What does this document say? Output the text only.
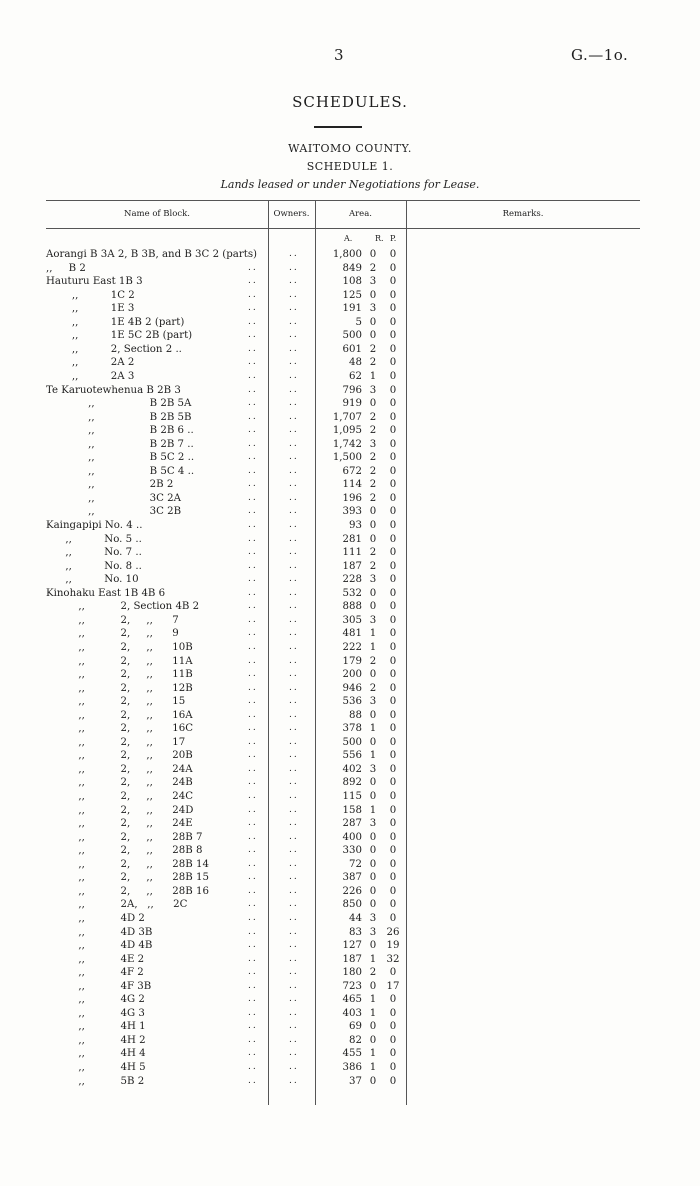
3	G.—1o.
SCHEDULES.
WAITOMO COUNTY.
SCHEDULE 1.
Lands leased or under Negotiations for Lease.
Name of Block.	Owners.	Area.	Remarks.
A.	R. P.
Aorangi B 3A 2, B 3B, and B 3C 2 (parts)	..	1,800 0	0
,,     B 2	..	..	849 2	0
Hauturu East 1B 3	..	..	108 3	0
,,          1C 2	..	..	125 0	0
,,          1E 3	..	..	191 3	0
,,          1E 4B 2 (part)	..	..	5 0	0
,,          1E 5C 2B (part)	..	..	500 0	0
,,          2, Section 2 ..	..	..	601 2	0
,,          2A 2	..	..	48 2	0
,,          2A 3	..	..	62 1	0
Te Karuotewhenua B 2B 3	..	..	796 3	0
,,                 B 2B 5A	..	..	919 0	0
,,                 B 2B 5B	..	..	1,707 2	0
,,                 B 2B 6 ..	..	..	1,095 2	0
,,                 B 2B 7 ..	..	..	1,742 3	0
,,                 B 5C 2 ..	..	..	1,500 2	0
,,                 B 5C 4 ..	..	..	672 2	0
,,                 2B 2	..	..	114 2	0
,,                 3C 2A	..	..	196 2	0
,,                 3C 2B	..	..	393 0	0
Kaingapipi No. 4 ..	..	..	93 0	0
,,          No. 5 ..	..	..	281 0	0
,,          No. 7 ..	..	..	111 2	0
,,          No. 8 ..	..	..	187 2	0
,,          No. 10	..	..	228 3	0
Kinohaku East 1B 4B 6	..	..	532 0	0
,,           2, Section 4B 2	..	..	888 0	0
,,           2,     ,,      7	..	..	305 3	0
,,           2,     ,,      9	..	..	481 1	0
,,           2,     ,,      10B	..	..	222 1	0
,,           2,     ,,      11A	..	..	179 2	0
,,           2,     ,,      11B	..	..	200 0	0
,,           2,     ,,      12B	..	..	946 2	0
,,           2,     ,,      15	..	..	536 3	0
,,           2,     ,,      16A	..	..	88 0	0
,,           2,     ,,      16C	..	..	378 1	0
,,           2,     ,,      17	..	..	500 0	0
,,           2,     ,,      20B	..	..	556 1	0
,,           2,     ,,      24A	..	..	402 3	0
,,           2,     ,,      24B	..	..	892 0	0
,,           2,     ,,      24C	..	..	115 0	0
,,           2,     ,,      24D	..	..	158 1	0
,,           2,     ,,      24E	..	..	287 3	0
,,           2,     ,,      28B 7	..	..	400 0	0
,,           2,     ,,      28B 8	..	..	330 0	0
,,           2,     ,,      28B 14	..	..	72 0	0
,,           2,     ,,      28B 15	..	..	387 0	0
,,           2,     ,,      28B 16	..	..	226 0	0
,,           2A,   ,,      2C	..	..	850 0	0
,,           4D 2	..	..	44 3	0
,,           4D 3B	..	..	83 3	26
,,           4D 4B	..	..	127 0	19
,,           4E 2	..	..	187 1	32
,,           4F 2	..	..	180 2	0
,,           4F 3B	..	..	723 0	17
,,           4G 2	..	..	465 1	0
,,           4G 3	..	..	403 1	0
,,           4H 1	..	..	69 0	0
,,           4H 2	..	..	82 0	0
,,           4H 4	..	..	455 1	0
,,           4H 5	..	..	386 1	0
,,           5B 2	..	..	37 0	0
